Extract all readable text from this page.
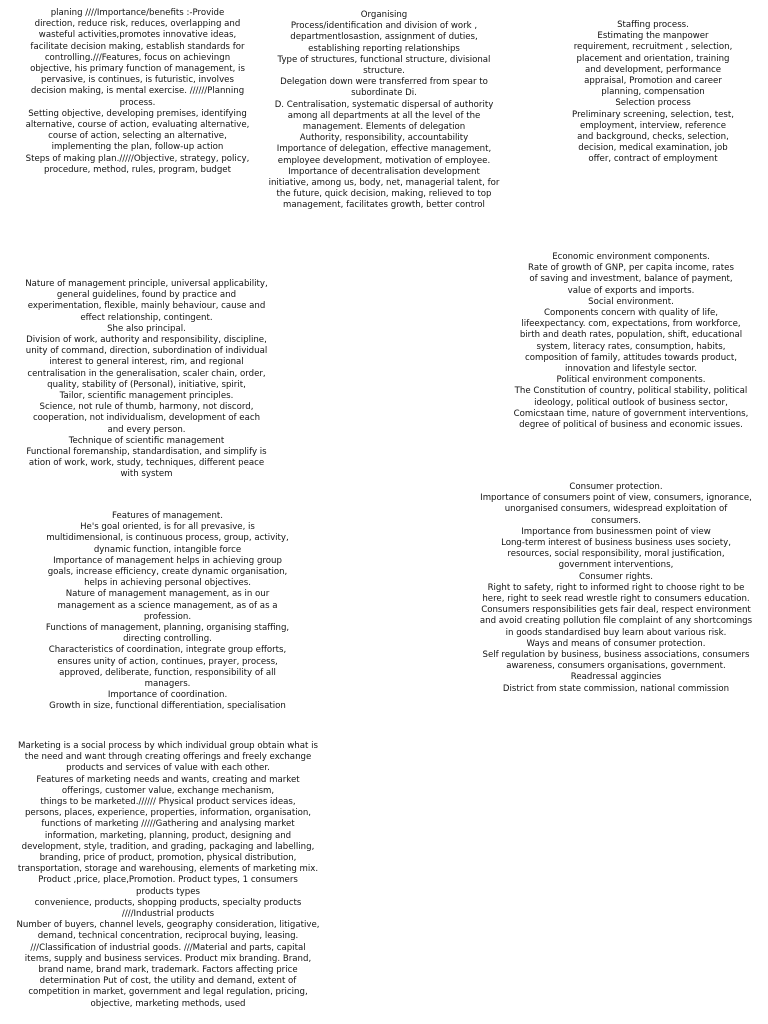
planing ////Importance/benefits :-Provide
direction, reduce risk, reduces, overlapping and
wasteful activities,promotes innovative ideas,
facilitate decision making, establish standards for
controlling.///Features, focus on achievingn
objective, his primary function of management, is
pervasive, is continues, is futuristic, involves
decision making, is mental exercise. //////Planning
process.
Setting objective, developing premises, identifying
alternative, course of action, evaluating alternative,
course of action, selecting an alternative,
implementing the plan, follow-up action
Steps of making plan./////Objective, strategy, policy,
procedure, method, rules, program, budget
Organising
Process/identification and division of work ,
departmentlosastion, assignment of duties,
establishing reporting relationships
Type of structures, functional structure, divisional
structure.
Delegation down were transferred from spear to
subordinate Di.
D. Centralisation, systematic dispersal of authority
among all departments at all the level of the
management. Elements of delegation
Authority, responsibility, accountability
Importance of delegation, effective management,
employee development, motivation of employee.
Importance of decentralisation development
initiative, among us, body, net, managerial talent, for
the future, quick decision, making, relieved to top
management, facilitates growth, better control
Staffing process.
Estimating the manpower
requirement, recruitment , selection,
placement and orientation, training
and development, performance
appraisal, Promotion and career
planning, compensation
Selection process
Preliminary screening, selection, test,
employment, interview, reference
and background, checks, selection,
decision, medical examination, job
offer, contract of employment
Nature of management principle, universal applicability,
general guidelines, found by practice and
experimentation, flexible, mainly behaviour, cause and
effect relationship, contingent.
She also principal.
Division of work, authority and responsibility, discipline,
unity of command, direction, subordination of individual
interest to general interest, rim, and regional
centralisation in the generalisation, scaler chain, order,
quality, stability of (Personal), initiative, spirit,
Tailor, scientific management principles.
Science, not rule of thumb, harmony, not discord,
cooperation, not individualism, development of each
and every person.
Technique of scientific management
Functional foremanship, standardisation, and simplify is
ation of work, work, study, techniques, different peace
with system
Economic environment components.
Rate of growth of GNP, per capita income, rates
of saving and investment, balance of payment,
value of exports and imports.
Social environment.
Components concern with quality of life,
lifeexpectancy. com, expectations, from workforce,
birth and death rates, population, shift, educational
system, literacy rates, consumption, habits,
composition of family, attitudes towards product,
innovation and lifestyle sector.
Political environment components.
The Constitution of country, political stability, political
ideology, political outlook of business sector,
Comicstaan time, nature of government interventions,
degree of political of business and economic issues.
Features of management.
He's goal oriented, is for all prevasive, is
multidimensional, is continuous process, group, activity,
dynamic function, intangible force
Importance of management helps in achieving group
goals, increase efficiency, create dynamic organisation,
helps in achieving personal objectives.
Nature of management management, as in our
management as a science management, as of as a
profession.
Functions of management, planning, organising staffing,
directing controlling.
Characteristics of coordination, integrate group efforts,
ensures unity of action, continues, prayer, process,
approved, deliberate, function, responsibility of all
managers.
Importance of coordination.
Growth in size, functional differentiation, specialisation
Consumer protection.
Importance of consumers point of view, consumers, ignorance,
unorganised consumers, widespread exploitation of
consumers.
Importance from businessmen point of view
Long-term interest of business business uses society,
resources, social responsibility, moral justification,
government interventions,
Consumer rights.
Right to safety, right to informed right to choose right to be
here, right to seek read wrestle right to consumers education.
Consumers responsibilities gets fair deal, respect environment
and avoid creating pollution file complaint of any shortcomings
in goods standardised buy learn about various risk.
Ways and means of consumer protection.
Self regulation by business, business associations, consumers
awareness, consumers organisations, government.
Readressal aggincies
District from state commission, national commission
Marketing is a social process by which individual group obtain what is
the need and want through creating offerings and freely exchange
products and services of value with each other.
Features of marketing needs and wants, creating and market
offerings, customer value, exchange mechanism,
things to be marketed.////// Physical product services ideas,
persons, places, experience, properties, information, organisation,
functions of marketing /////Gathering and analysing market
information, marketing, planning, product, designing and
development, style, tradition, and grading, packaging and labelling,
branding, price of product, promotion, physical distribution,
transportation, storage and warehousing, elements of marketing mix.
Product ,price, place,Promotion. Product types, 1 consumers
products types
convenience, products, shopping products, specialty products
////Industrial products
Number of buyers, channel levels, geography consideration, litigative,
demand, technical concentration, reciprocal buying, leasing.
///Classification of industrial goods. ///Material and parts, capital
items, supply and business services. Product mix branding. Brand,
brand name, brand mark, trademark. Factors affecting price
determination Put of cost, the utility and demand, extent of
competition in market, government and legal regulation, pricing,
objective, marketing methods, used
